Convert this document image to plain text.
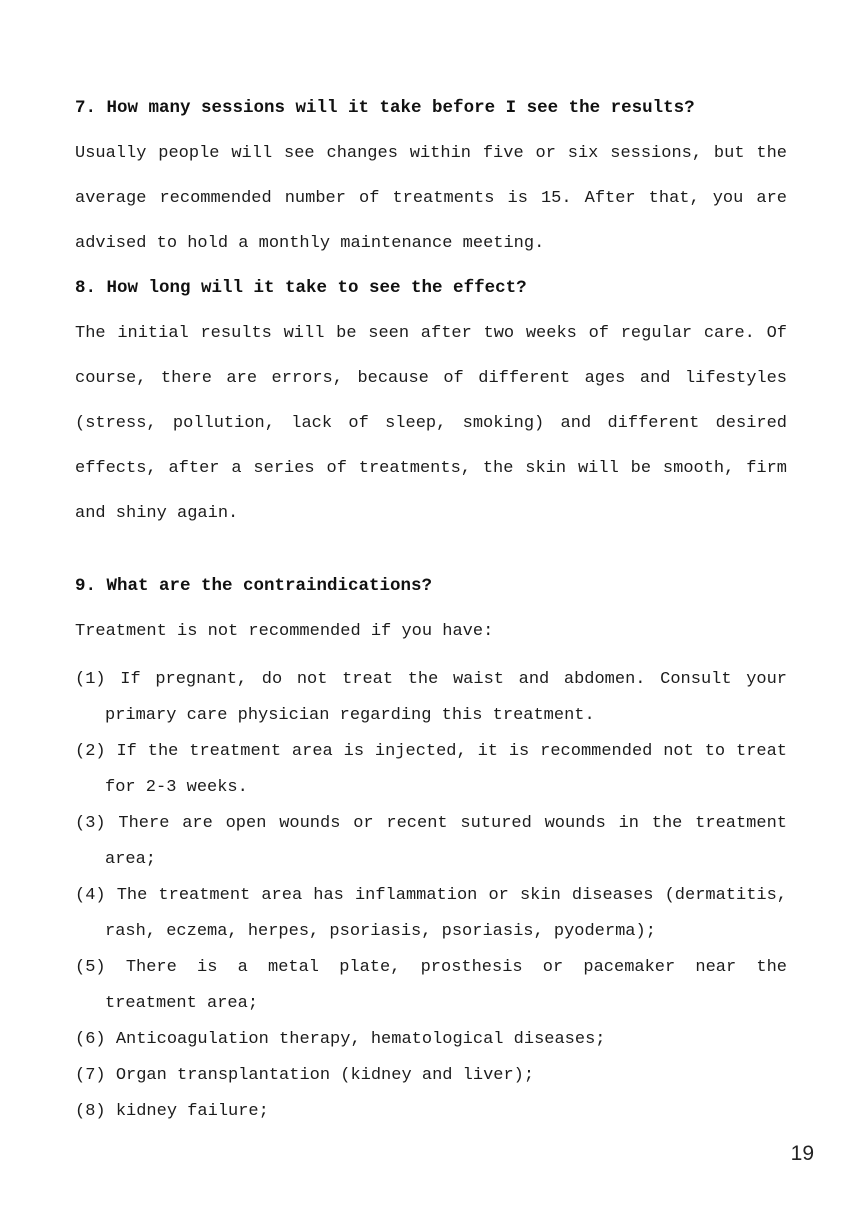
7. How many sessions will it take before I see the results?

Usually people will see changes within five or six sessions, but the average recommended number of treatments is 15. After that, you are advised to hold a monthly maintenance meeting.

8. How long will it take to see the effect?

The initial results will be seen after two weeks of regular care. Of course, there are errors, because of different ages and lifestyles (stress, pollution, lack of sleep, smoking) and different desired effects, after a series of treatments, the skin will be smooth, firm and shiny again.

9. What are the contraindications?

Treatment is not recommended if you have:

(1) If pregnant, do not treat the waist and abdomen. Consult your primary care physician regarding this treatment.
(2) If the treatment area is injected, it is recommended not to treat for 2-3 weeks.
(3) There are open wounds or recent sutured wounds in the treatment area;
(4) The treatment area has inflammation or skin diseases (dermatitis, rash, eczema, herpes, psoriasis, psoriasis, pyoderma);
(5) There is a metal plate, prosthesis or pacemaker near the treatment area;
(6) Anticoagulation therapy, hematological diseases;
(7) Organ transplantation (kidney and liver);
(8) kidney failure;
19
